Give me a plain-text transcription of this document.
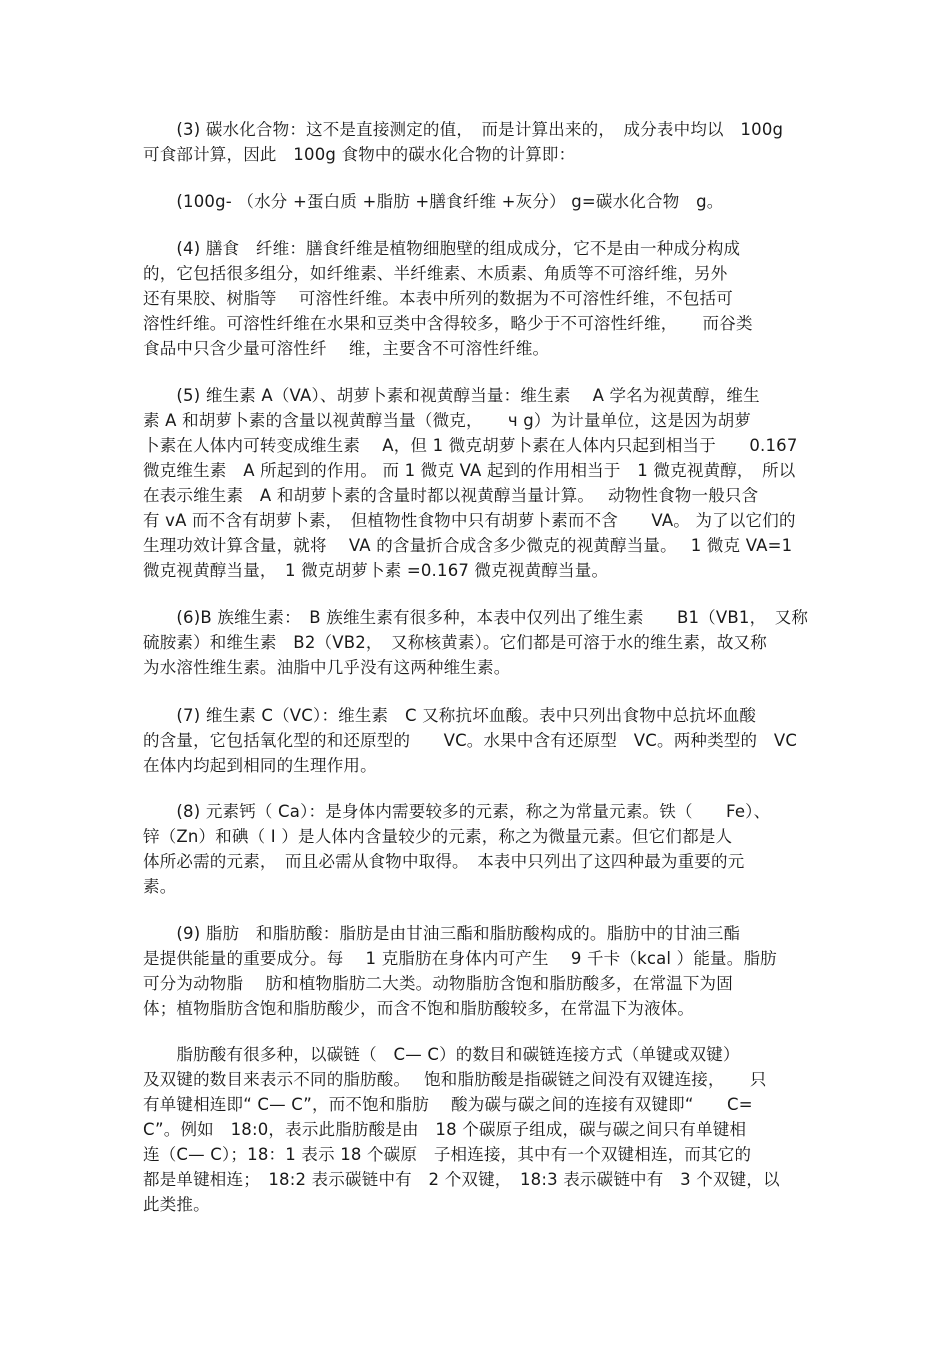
　　(3) 碳水化合物：这不是直接测定的值，　而是计算出来的，　成分表中均以　100g
可食部计算，因此　100g 食物中的碳水化合物的计算即：
　　(100g- （水分 +蛋白质 +脂肪 +膳食纤维 +灰分） g=碳水化合物　g。
　　(4) 膳食　纤维：膳食纤维是植物细胞壁的组成成分，它不是由一种成分构成
的，它包括很多组分，如纤维素、半纤维素、木质素、角质等不可溶纤维，另外
还有果胶、树脂等　 可溶性纤维。本表中所列的数据为不可溶性纤维，不包括可
溶性纤维。可溶性纤维在水果和豆类中含得较多，略少于不可溶性纤维，　　而谷类
食品中只含少量可溶性纤　 维，主要含不可溶性纤维。
　　(5) 维生素 A（VA）、胡萝卜素和视黄醇当量：维生素　 A 学名为视黄醇，维生
素 A 和胡萝卜素的含量以视黄醇当量（微克，　　ч g）为计量单位，这是因为胡萝
卜素在人体内可转变成维生素　 A，但 1 微克胡萝卜素在人体内只起到相当于　　0.167
微克维生素　A 所起到的作用。 而 1 微克 VA 起到的作用相当于　1 微克视黄醇，　所以
在表示维生素　A 和胡萝卜素的含量时都以视黄醇当量计算。　 动物性食物一般只含
有 vA 而不含有胡萝卜素，　但植物性食物中只有胡萝卜素而不含　　VA。 为了以它们的
生理功效计算含量，就将　 VA 的含量折合成含多少微克的视黄醇当量。　 1 微克 VA=1
微克视黄醇当量，　1 微克胡萝卜素 =0.167 微克视黄醇当量。
　　(6)B 族维生素：　B 族维生素有很多种，本表中仅列出了维生素　　B1（VB1，　又称
硫胺素）和维生素　B2（VB2，　又称核黄素）。它们都是可溶于水的维生素，故又称
为水溶性维生素。油脂中几乎没有这两种维生素。
　　(7) 维生素 C（VC）：维生素　C 又称抗坏血酸。表中只列出食物中总抗坏血酸
的含量，它包括氧化型的和还原型的　　VC。水果中含有还原型　VC。两种类型的　VC
在体内均起到相同的生理作用。
　　(8) 元素钙（ Ca）：是身体内需要较多的元素，称之为常量元素。铁（　　Fe）、
锌（Zn）和碘（ I ）是人体内含量较少的元素，称之为微量元素。但它们都是人
体所必需的元素，　而且必需从食物中取得。　本表中只列出了这四种最为重要的元
素。
　　(9) 脂肪　和脂肪酸：脂肪是由甘油三酯和脂肪酸构成的。脂肪中的甘油三酯
是提供能量的重要成分。每　 1 克脂肪在身体内可产生　 9 千卡（kcal ）能量。脂肪
可分为动物脂　 肪和植物脂肪二大类。动物脂肪含饱和脂肪酸多，在常温下为固
体；植物脂肪含饱和脂肪酸少，而含不饱和脂肪酸较多，在常温下为液体。
　　脂肪酸有很多种，以碳链（　C— C）的数目和碳链连接方式（单键或双键）
及双键的数目来表示不同的脂肪酸。　 饱和脂肪酸是指碳链之间没有双键连接，　　只
有单键相连即“ C— C”，而不饱和脂肪　 酸为碳与碳之间的连接有双键即“　　C=
C”。例如　18:0，表示此脂肪酸是由　18 个碳原子组成，碳与碳之间只有单键相
连（C— C）；18：1 表示 18 个碳原　子相连接，其中有一个双键相连，而其它的
都是单键相连；　18:2 表示碳链中有　2 个双键，　18:3 表示碳链中有　3 个双键，以
此类推。
